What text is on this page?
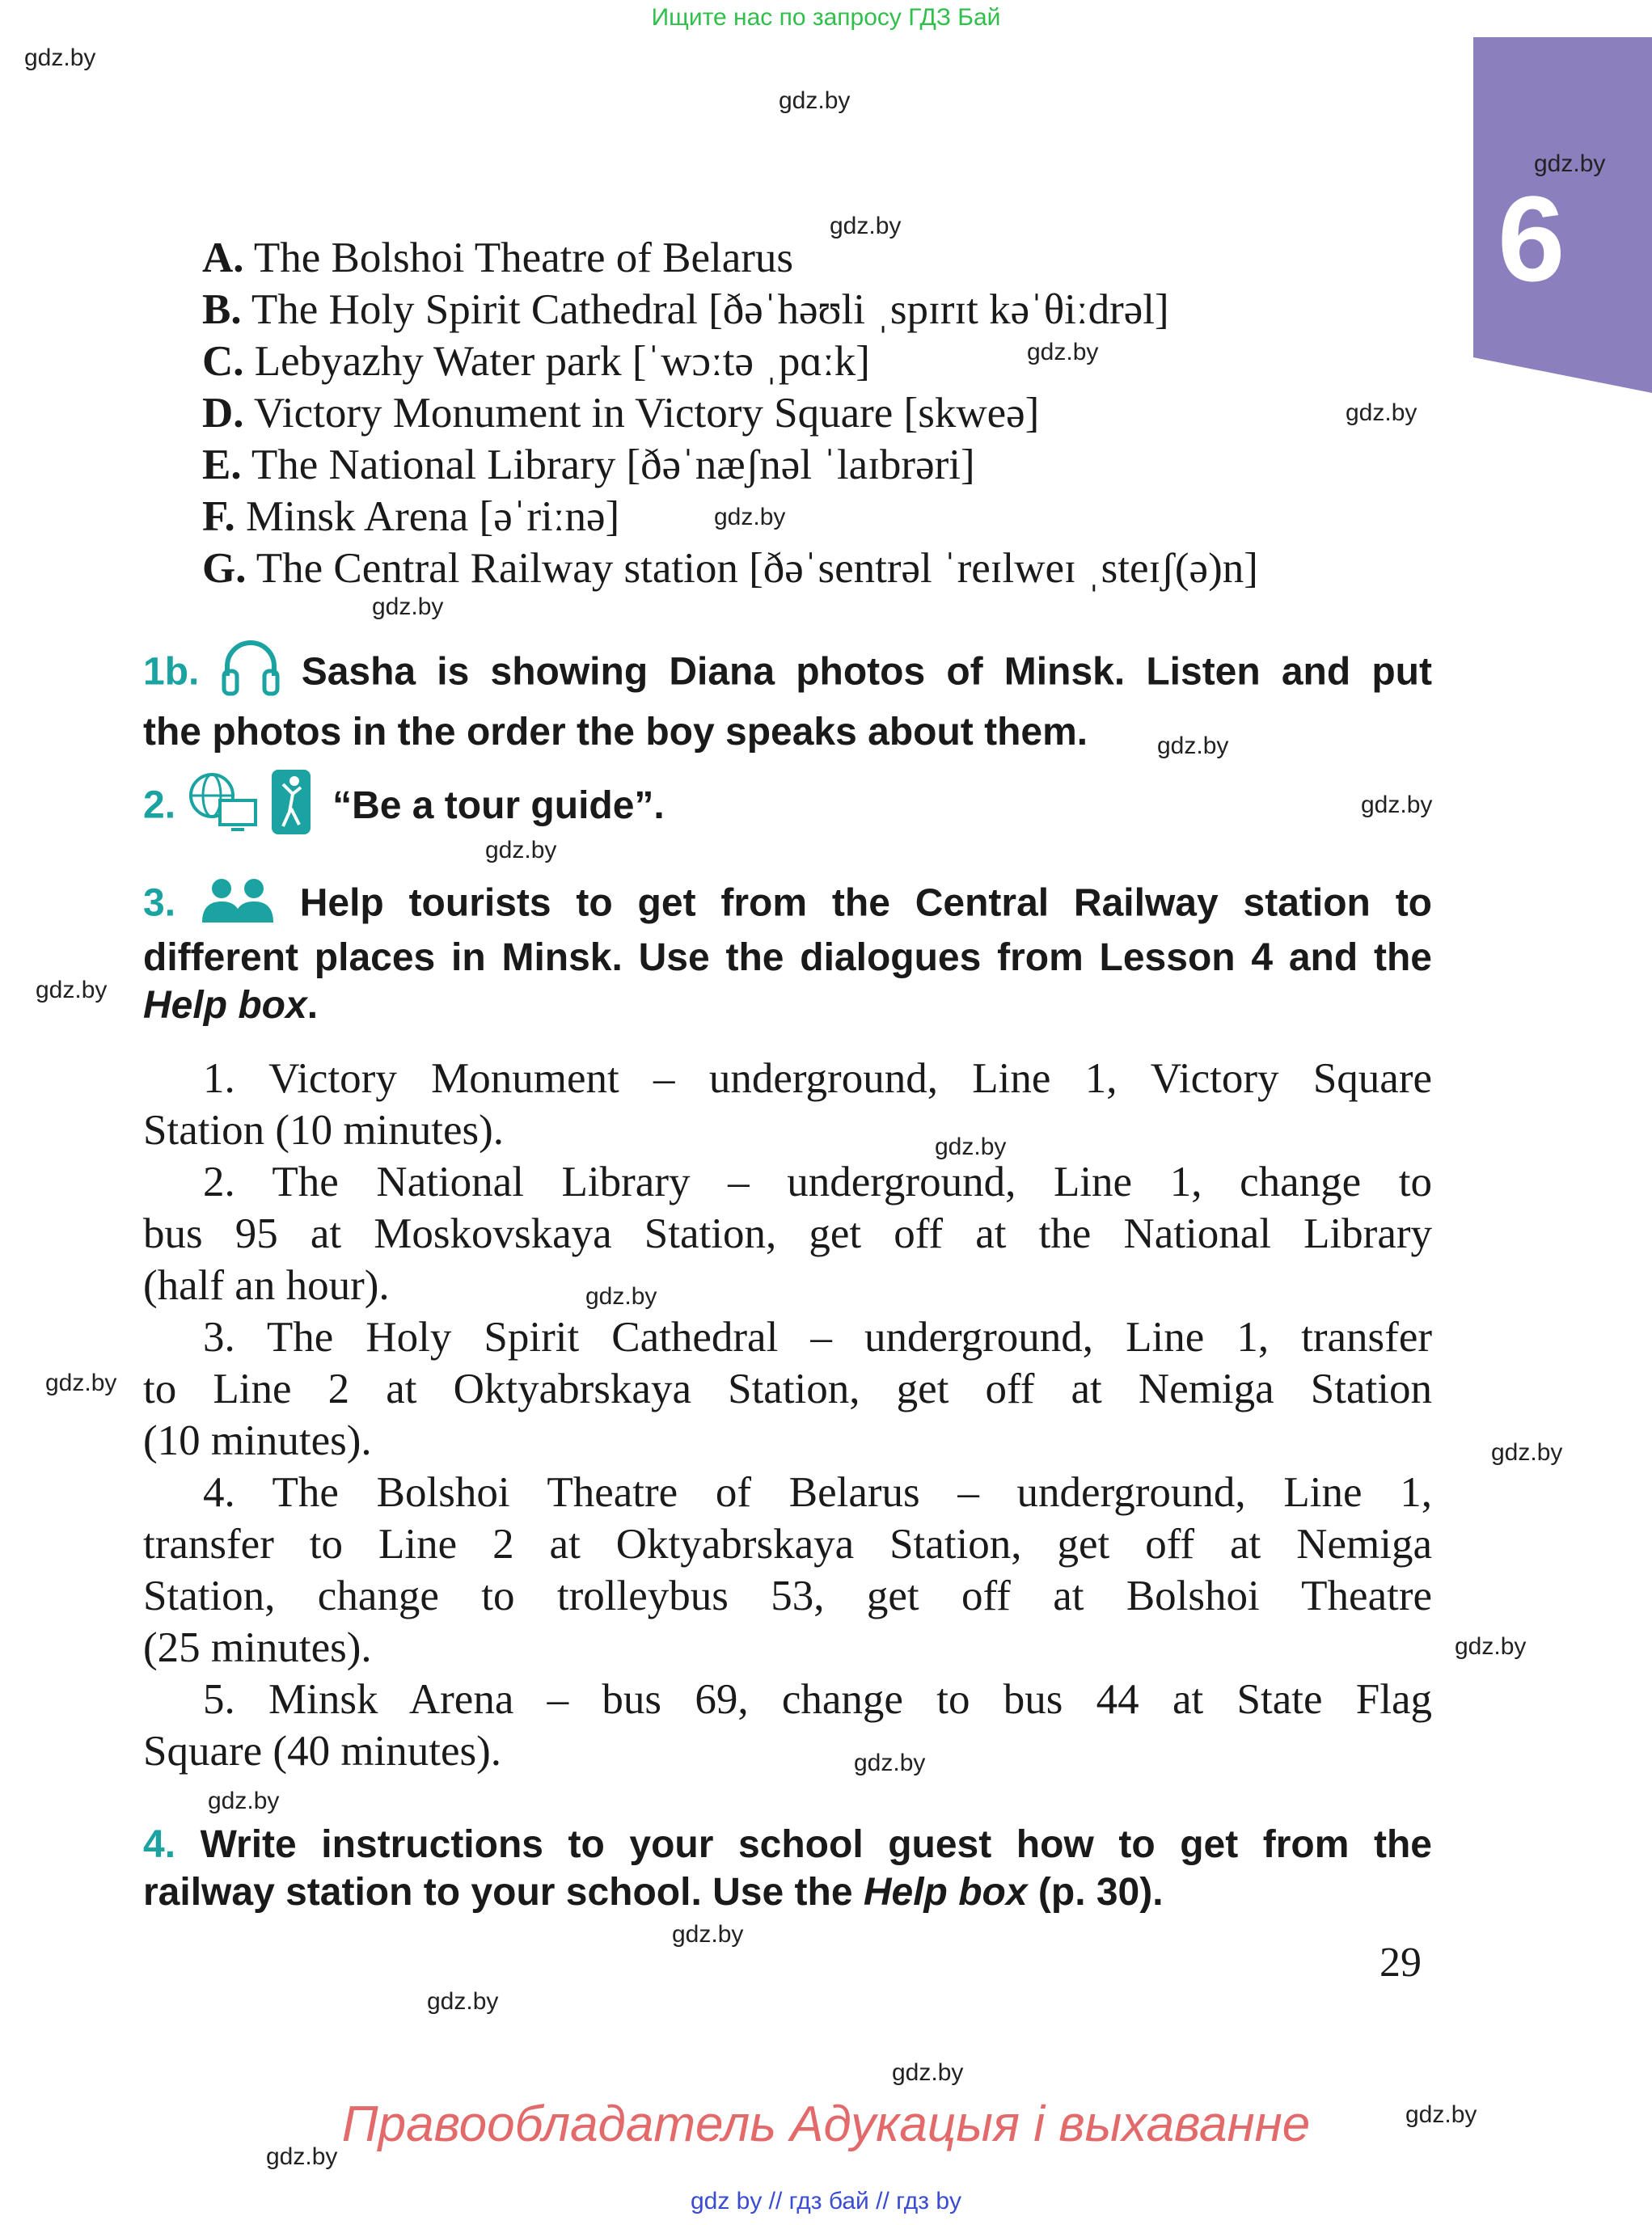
Ищите нас по запросу ГДЗ Бай
gdz.by
6
gdz.by
gdz.by
gdz.by
gdz.by
gdz.by
gdz.by
gdz.by
gdz.by
gdz.by
gdz.by
gdz.by
gdz.by
gdz.by
gdz.by
gdz.by
gdz.by
gdz.by
gdz.by
gdz.by
gdz.by
gdz.by
gdz.by
gdz.by
A. The Bolshoi Theatre of Belarus
B. The Holy Spirit Cathedral [ðəˈhəʊli ˌspɪrɪt kəˈθiːdrəl]
C. Lebyazhy Water park [ˈwɔːtə ˌpɑːk]
D. Victory Monument in Victory Square [skweə]
E. The National Library [ðəˈnæʃnəl ˈlaɪbrəri]
F. Minsk Arena [əˈriːnə]
G. The Central Railway station [ðəˈsentrəl ˈreɪlweɪ ˌsteɪʃ(ə)n]
1b.	Sasha is showing Diana photos of Minsk. Listen and put
the photos in the order the boy speaks about them.
2.	“Be a tour guide”.
3.	Help tourists to get from the Central Railway station to
different places in Minsk. Use the dialogues from Lesson 4 and the
Help box.
1. Victory Monument – underground, Line 1, Victory Square
Station (10 minutes).
2. The National Library – underground, Line 1, change to
bus 95 at Moskovskaya Station, get off at the National Library
(half an hour).
3. The Holy Spirit Cathedral – underground, Line 1, transfer
to Line 2 at Oktyabrskaya Station, get off at Nemiga Station
(10 minutes).
4. The Bolshoi Theatre of Belarus – underground, Line 1,
transfer to Line 2 at Oktyabrskaya Station, get off at Nemiga
Station, change to trolleybus 53, get off at Bolshoi Theatre
(25 minutes).
5. Minsk Arena – bus 69, change to bus 44 at State Flag
Square (40 minutes).
4. Write instructions to your school guest how to get from the
railway station to your school. Use the Help box (p. 30).
29
Правообладатель Адукацыя і выхаванне
gdz by // гдз бай // гдз by
